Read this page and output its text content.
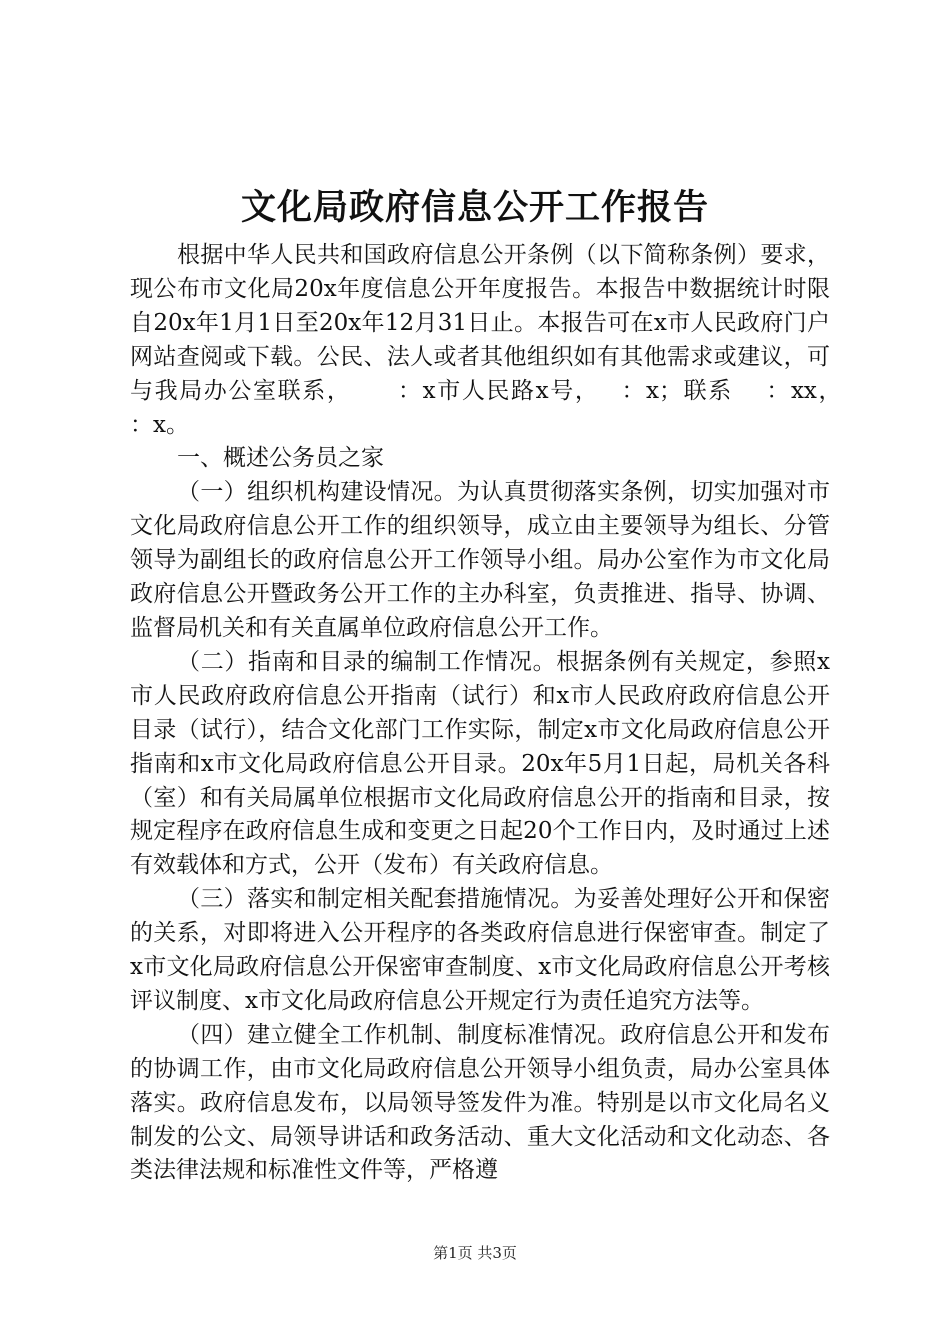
文化局政府信息公开工作报告

根据中华人民共和国政府信息公开条例（以下简称条例）要求，现公布市文化局20x年度信息公开年度报告。本报告中数据统计时限自20x年1月1日至20x年12月31日止。本报告可在x市人民政府门户网站查阅或下载。公民、法人或者其他组织如有其他需求或建议，可与我局办公室联系，　　 ：x市人民路x号，　 ：x；联系　 ：xx，　 ：x。

一、概述公务员之家

（一）组织机构建设情况。为认真贯彻落实条例，切实加强对市文化局政府信息公开工作的组织领导，成立由主要领导为组长、分管领导为副组长的政府信息公开工作领导小组。局办公室作为市文化局政府信息公开暨政务公开工作的主办科室，负责推进、指导、协调、监督局机关和有关直属单位政府信息公开工作。

（二）指南和目录的编制工作情况。根据条例有关规定，参照x市人民政府政府信息公开指南（试行）和x市人民政府政府信息公开目录（试行），结合文化部门工作实际，制定x市文化局政府信息公开指南和x市文化局政府信息公开目录。20x年5月1日起，局机关各科（室）和有关局属单位根据市文化局政府信息公开的指南和目录，按规定程序在政府信息生成和变更之日起20个工作日内，及时通过上述有效载体和方式，公开（发布）有关政府信息。

（三）落实和制定相关配套措施情况。为妥善处理好公开和保密的关系，对即将进入公开程序的各类政府信息进行保密审查。制定了x市文化局政府信息公开保密审查制度、x市文化局政府信息公开考核评议制度、x市文化局政府信息公开规定行为责任追究方法等。

（四）建立健全工作机制、制度标准情况。政府信息公开和发布的协调工作，由市文化局政府信息公开领导小组负责，局办公室具体落实。政府信息发布，以局领导签发件为准。特别是以市文化局名义制发的公文、局领导讲话和政务活动、重大文化活动和文化动态、各类法律法规和标准性文件等，严格遵

第1页 共3页
